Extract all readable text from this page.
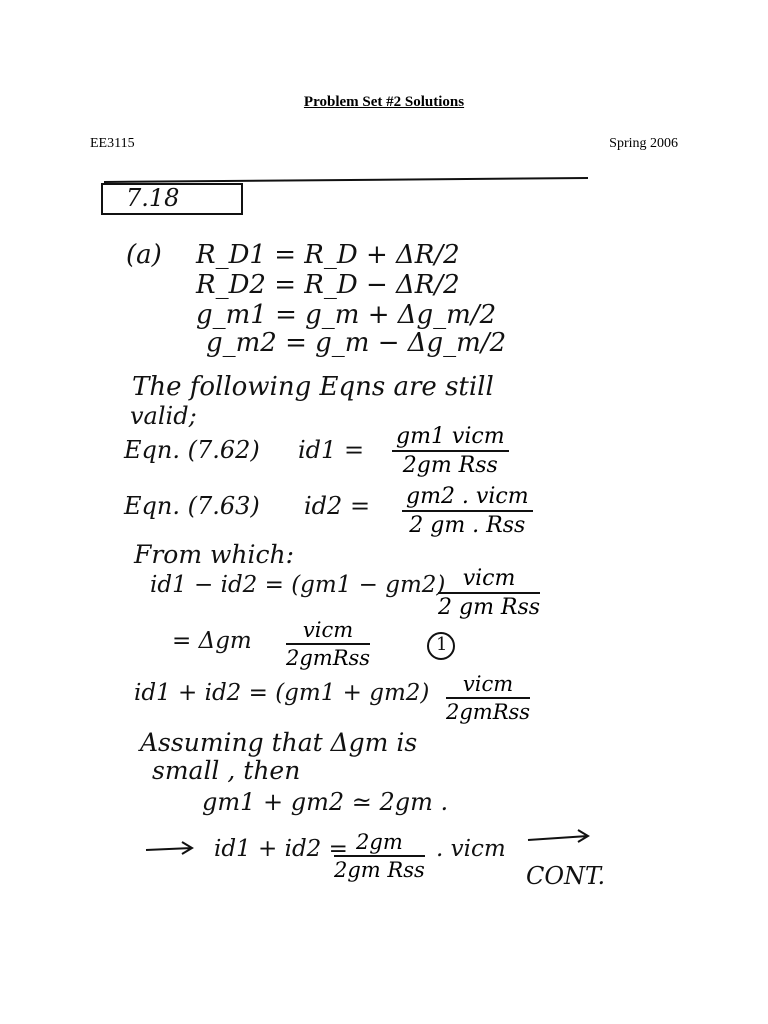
Problem Set #2 Solutions
EE3115	Spring 2006
7.18
(a) R_D1 = R_D + ΔR/2
R_D2 = R_D − ΔR/2
g_m1 = g_m + Δg_m/2
g_m2 = g_m − Δg_m/2
The following Eqns are still
valid;
Eqn. (7.62) id1 = gm1 vicm
2gm Rss
Eqn. (7.63) id2 = gm2 . vicm
2 gm . Rss
From which:
id1 − id2 = (gm1 − gm2) vicm
2 gm Rss
= Δgm	vicm
2gmRss
1
id1 + id2 = (gm1 + gm2)	vicm
2gmRss
Assuming that Δgm is
small , then
gm1 + gm2 ≃ 2gm .
id1 + id2 = 2gm
2gm Rss
. vicm
CONT.
